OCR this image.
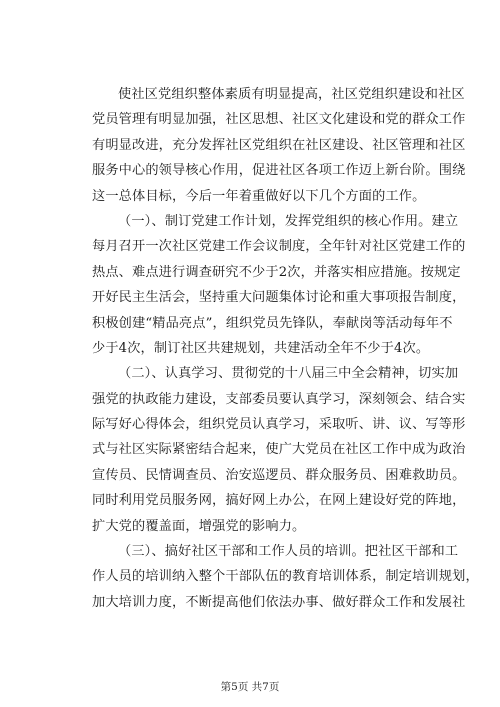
使社区党组织整体素质有明显提高，社区党组织建设和社区
党员管理有明显加强，社区思想、社区文化建设和党的群众工作
有明显改进，充分发挥社区党组织在社区建设、社区管理和社区
服务中心的领导核心作用，促进社区各项工作迈上新台阶。围绕
这一总体目标，今后一年着重做好以下几个方面的工作。
（一）、制订党建工作计划，发挥党组织的核心作用。建立
每月召开一次社区党建工作会议制度，全年针对社区党建工作的
热点、难点进行调查研究不少于2次，并落实相应措施。按规定
开好民主生活会，坚持重大问题集体讨论和重大事项报告制度，
积极创建“精品亮点”，组织党员先锋队，奉献岗等活动每年不
少于4次，制订社区共建规划，共建活动全年不少于4次。
（二）、认真学习、贯彻党的十八届三中全会精神，切实加
强党的执政能力建设，支部委员要认真学习，深刻领会、结合实
际写好心得体会，组织党员认真学习，采取听、讲、议、写等形
式与社区实际紧密结合起来，使广大党员在社区工作中成为政治
宣传员、民情调查员、治安巡逻员、群众服务员、困难救助员。
同时利用党员服务网，搞好网上办公，在网上建设好党的阵地，
扩大党的覆盖面，增强党的影响力。
（三）、搞好社区干部和工作人员的培训。把社区干部和工
作人员的培训纳入整个干部队伍的教育培训体系，制定培训规划，
加大培训力度，不断提高他们依法办事、做好群众工作和发展社
第5页 共7页
